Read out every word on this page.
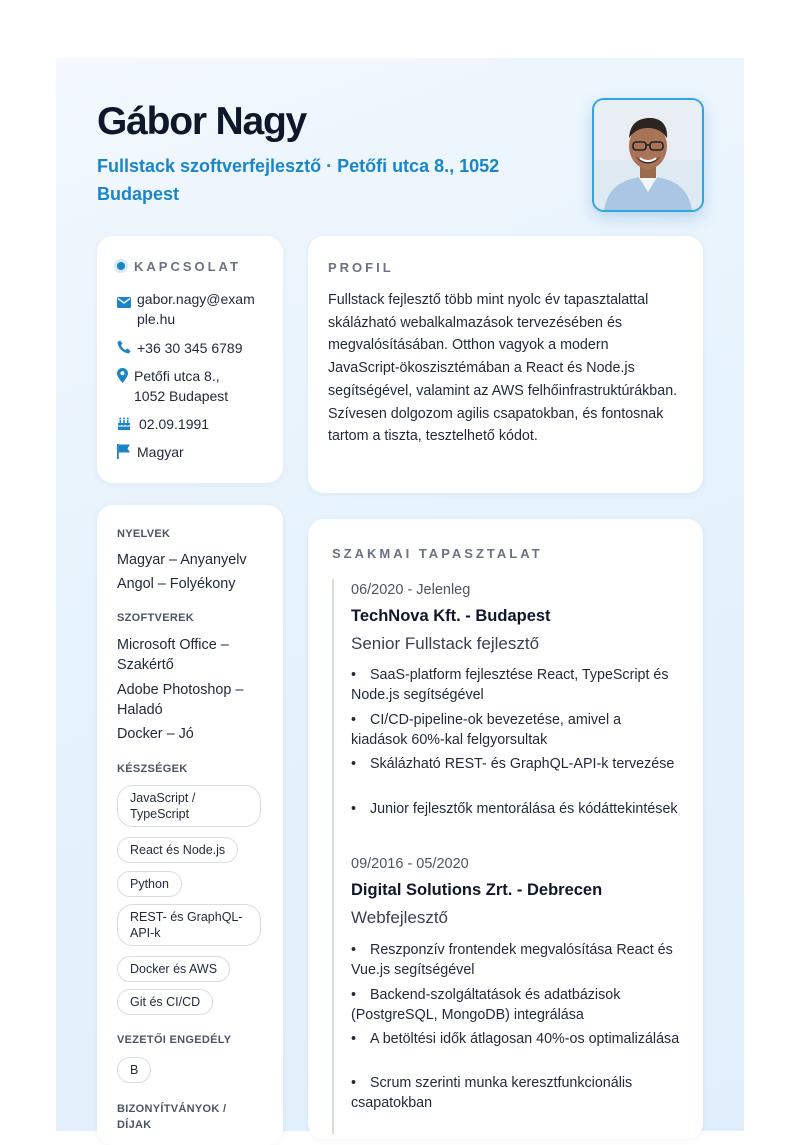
Gábor Nagy

Fullstack szoftverfejlesztő · Petőfi utca 8., 1052 Budapest

KAPCSOLAT
gabor.nagy@example.hu
+36 30 345 6789
Petőfi utca 8., 1052 Budapest
02.09.1991
Magyar
PROFIL

Fullstack fejlesztő több mint nyolc év tapasztalattal skálázható webalkalmazások tervezésében és megvalósításában. Otthon vagyok a modern JavaScript-ökoszisztémában a React és Node.js segítségével, valamint az AWS felhőinfrastruktúrákban. Szívesen dolgozom agilis csapatokban, és fontosnak tartom a tiszta, tesztelhető kódot.

NYELVEK
Magyar – Anyanyelv
Angol – Folyékony
SZOFTVEREK
Microsoft Office – Szakértő
Adobe Photoshop – Haladó
Docker – Jó
KÉSZSÉGEK
JavaScript / TypeScript
React és Node.js
Python
REST- és GraphQL-API-k
Docker és AWS
Git és CI/CD
VEZETŐI ENGEDÉLY
B
BIZONYÍTVÁNYOK / DÍJAK
SZAKMAI TAPASZTALAT
06/2020 - Jelenleg
TechNova Kft. - Budapest
Senior Fullstack fejlesztő
• SaaS-platform fejlesztése React, TypeScript és Node.js segítségével
• CI/CD-pipeline-ok bevezetése, amivel a kiadások 60%-kal felgyorsultak
• Skálázható REST- és GraphQL-API-k tervezése
• Junior fejlesztők mentorálása és kódáttekintések
09/2016 - 05/2020
Digital Solutions Zrt. - Debrecen
Webfejlesztő
• Reszponzív frontendek megvalósítása React és Vue.js segítségével
• Backend-szolgáltatások és adatbázisok (PostgreSQL, MongoDB) integrálása
• A betöltési idők átlagosan 40%-os optimalizálása
• Scrum szerinti munka keresztfunkcionális csapatokban
